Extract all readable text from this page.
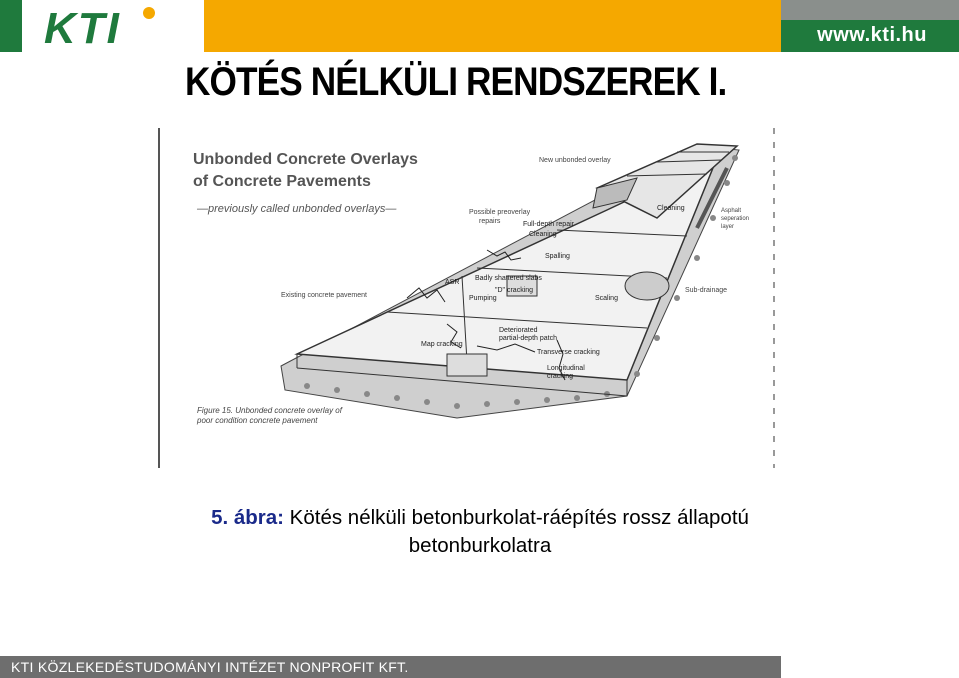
KTI	www.kti.hu
KÖTÉS NÉLKÜLI RENDSZEREK I.
Unbonded Concrete Overlays
of Concrete Pavements
—previously called unbonded overlays—
New unbonded overlay
Possible preoverlay
repairs	Full-depth repair
Cleaning
Cleaning	Asphalt
seperation
layer
Spalling
ASR
Badly shattered slabs
"D" cracking
Pumping
Existing concrete pavement	Scaling
Sub-drainage
Deteriorated
partial-depth patch
Map cracking
Transverse cracking
Longitudinal
cracking
Figure 15. Unbonded concrete overlay of
poor condition concrete pavement
5. ábra: Kötés nélküli betonburkolat-ráépítés rossz állapotú
betonburkolatra
KTI KÖZLEKEDÉSTUDOMÁNYI INTÉZET NONPROFIT KFT.
